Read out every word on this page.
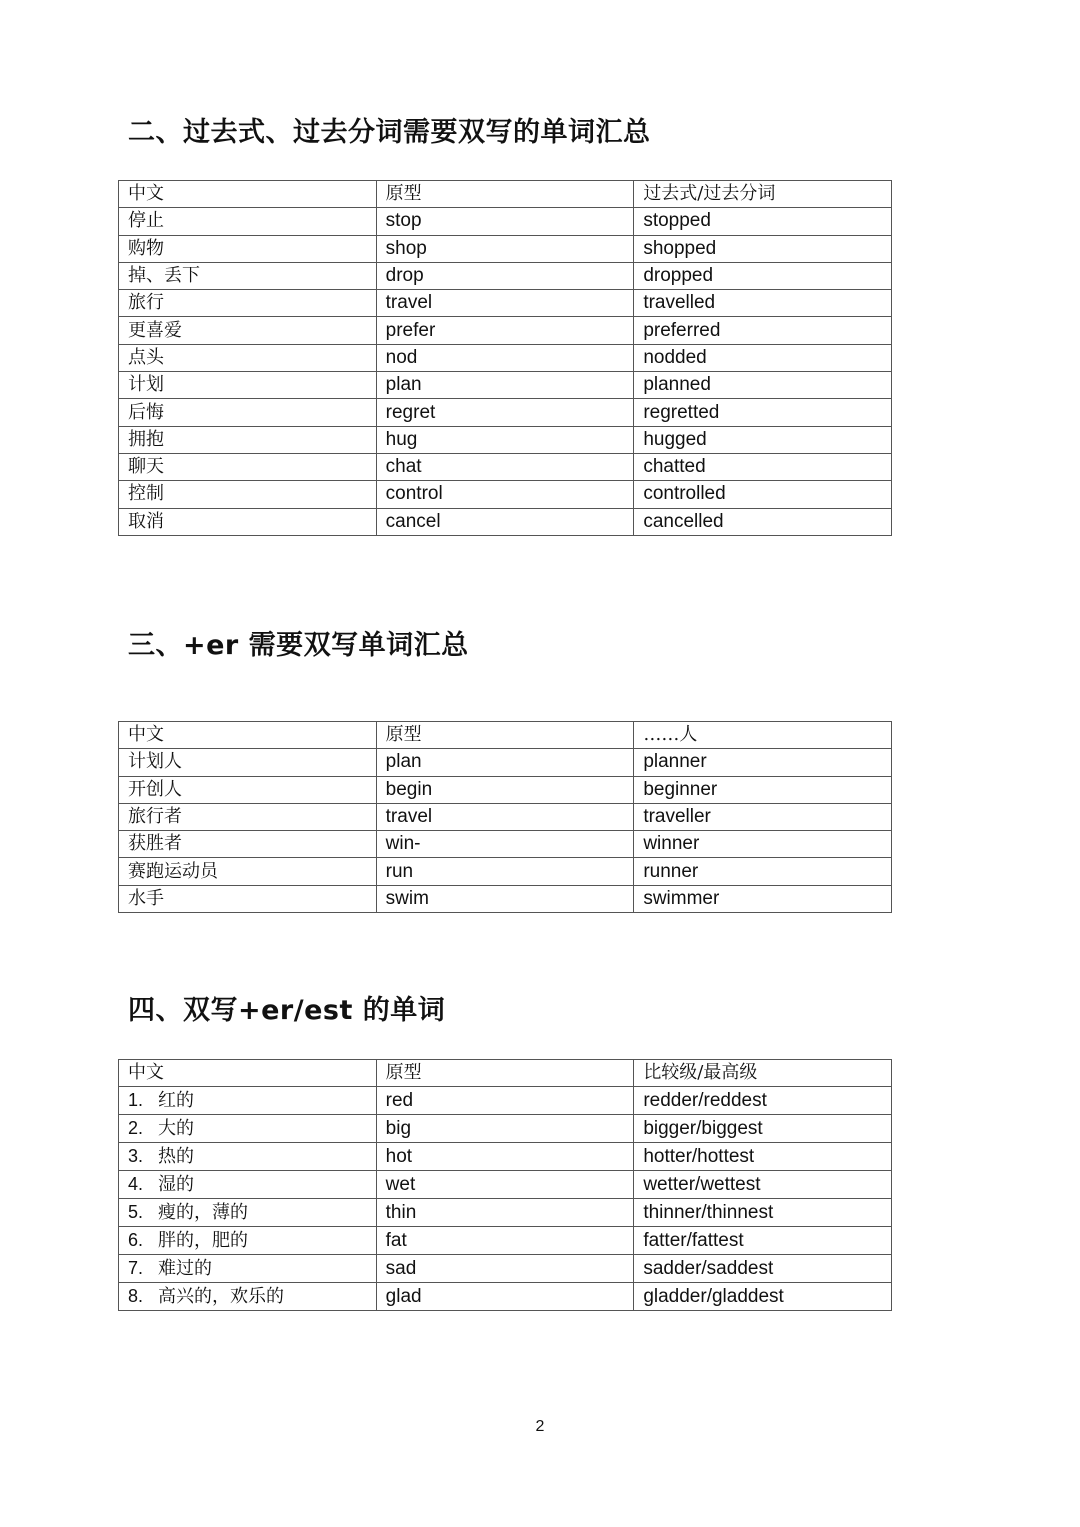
二、过去式、过去分词需要双写的单词汇总
中文	原型	过去式/过去分词
停止	stop	stopped
购物	shop	shopped
掉、丢下	drop	dropped
旅行	travel	travelled
更喜爱	prefer	preferred
点头	nod	nodded
计划	plan	planned
后悔	regret	regretted
拥抱	hug	hugged
聊天	chat	chatted
控制	control	controlled
取消	cancel	cancelled
三、+er 需要双写单词汇总
中文	原型	……人
计划人	plan	planner
开创人	begin	beginner
旅行者	travel	traveller
获胜者	win-	winner
赛跑运动员	run	runner
水手	swim	swimmer
四、双写+er/est 的单词
中文	原型	比较级/最高级
1. 红的	red	redder/reddest
2. 大的	big	bigger/biggest
3. 热的	hot	hotter/hottest
4. 湿的	wet	wetter/wettest
5. 瘦的，薄的	thin	thinner/thinnest
6. 胖的，肥的	fat	fatter/fattest
7. 难过的	sad	sadder/saddest
8. 高兴的，欢乐的	glad	gladder/gladdest
2
